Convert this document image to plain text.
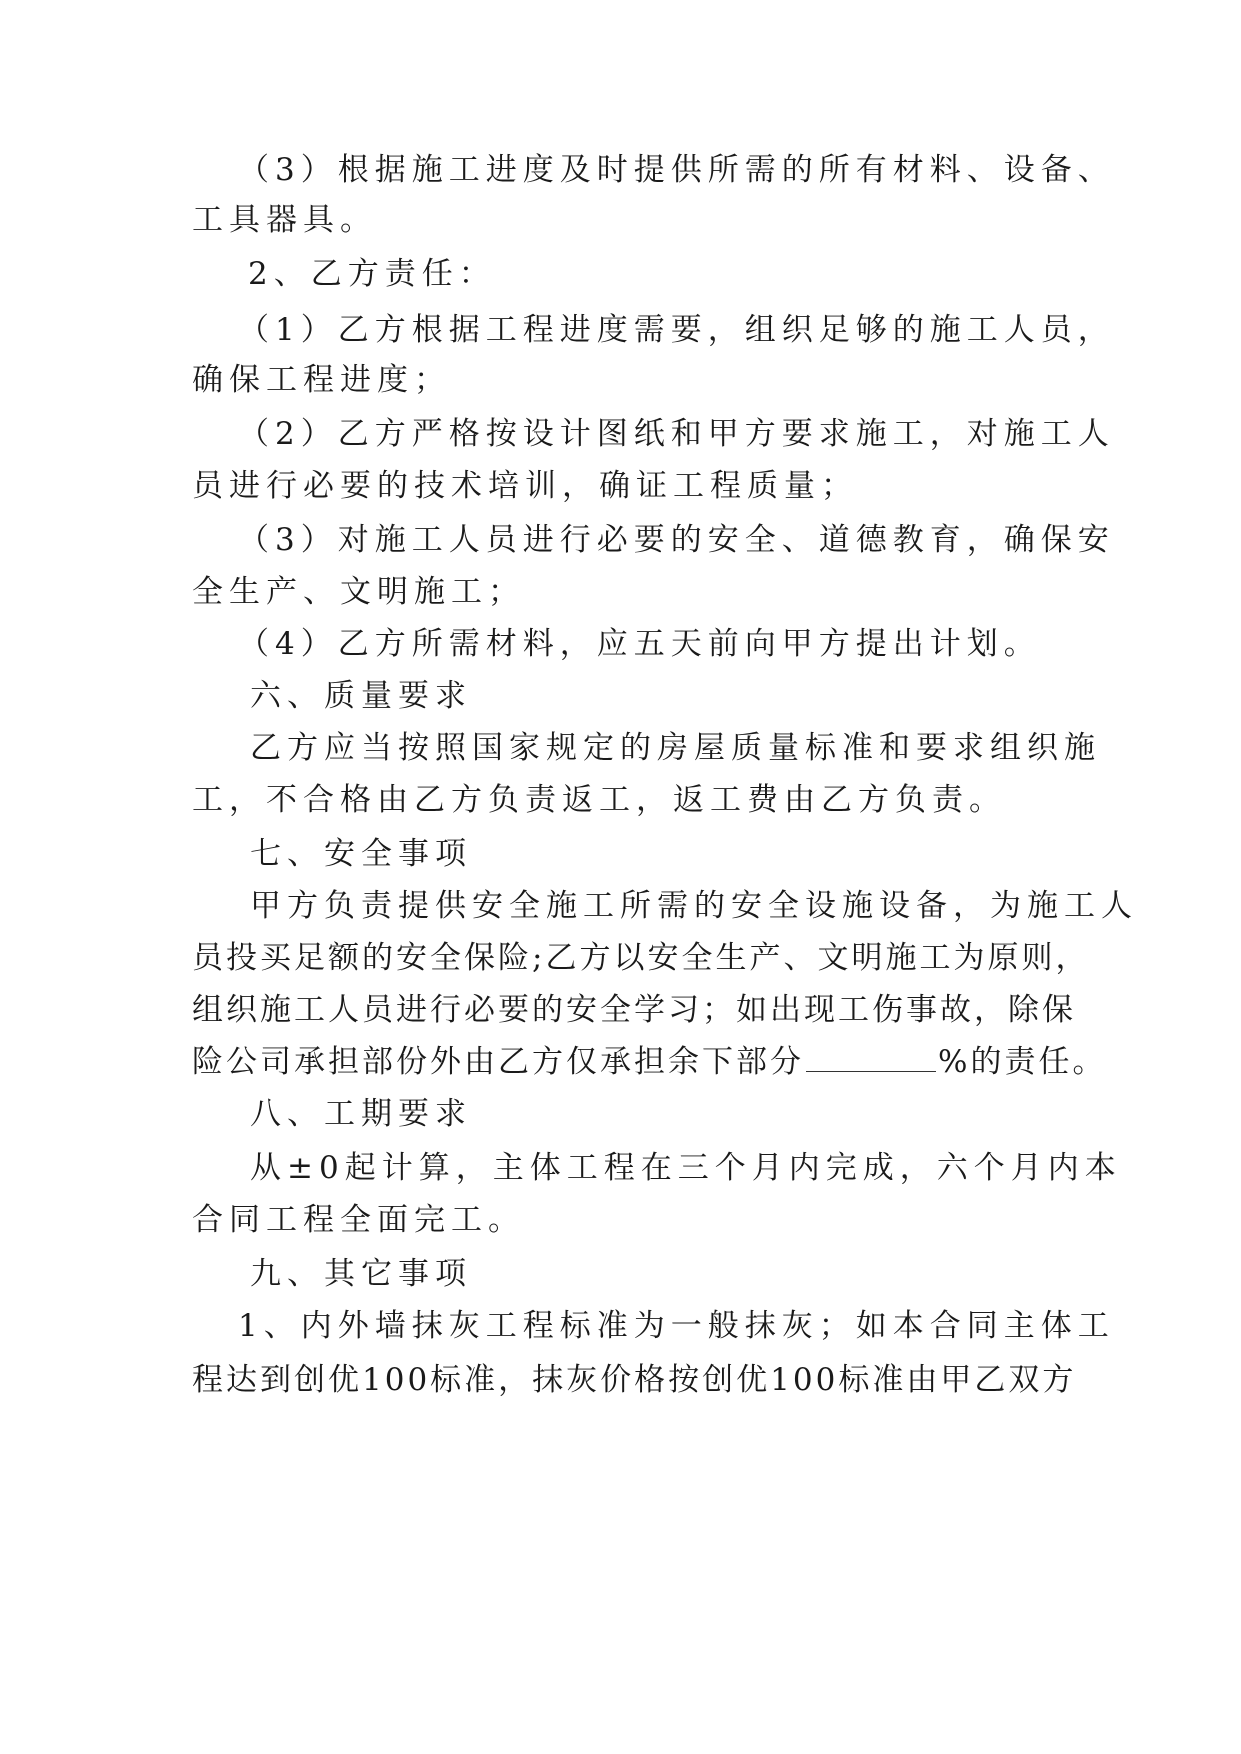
（3）根据施工进度及时提供所需的所有材料、设备、
工具器具。
2、乙方责任：
（1）乙方根据工程进度需要，组织足够的施工人员，
确保工程进度；
（2）乙方严格按设计图纸和甲方要求施工，对施工人
员进行必要的技术培训，确证工程质量；
（3）对施工人员进行必要的安全、道德教育，确保安
全生产、文明施工；
（4）乙方所需材料，应五天前向甲方提出计划。
六、质量要求
乙方应当按照国家规定的房屋质量标准和要求组织施
工，不合格由乙方负责返工，返工费由乙方负责。
七、安全事项
甲方负责提供安全施工所需的安全设施设备，为施工人
员投买足额的安全保险;乙方以安全生产、文明施工为原则，
组织施工人员进行必要的安全学习；如出现工伤事故，除保
险公司承担部份外由乙方仅承担余下部分	%的责任。
八、工期要求
从±0起计算，主体工程在三个月内完成，六个月内本
合同工程全面完工。
九、其它事项
1、内外墙抹灰工程标准为一般抹灰；如本合同主体工
程达到创优100标准，抹灰价格按创优100标准由甲乙双方
